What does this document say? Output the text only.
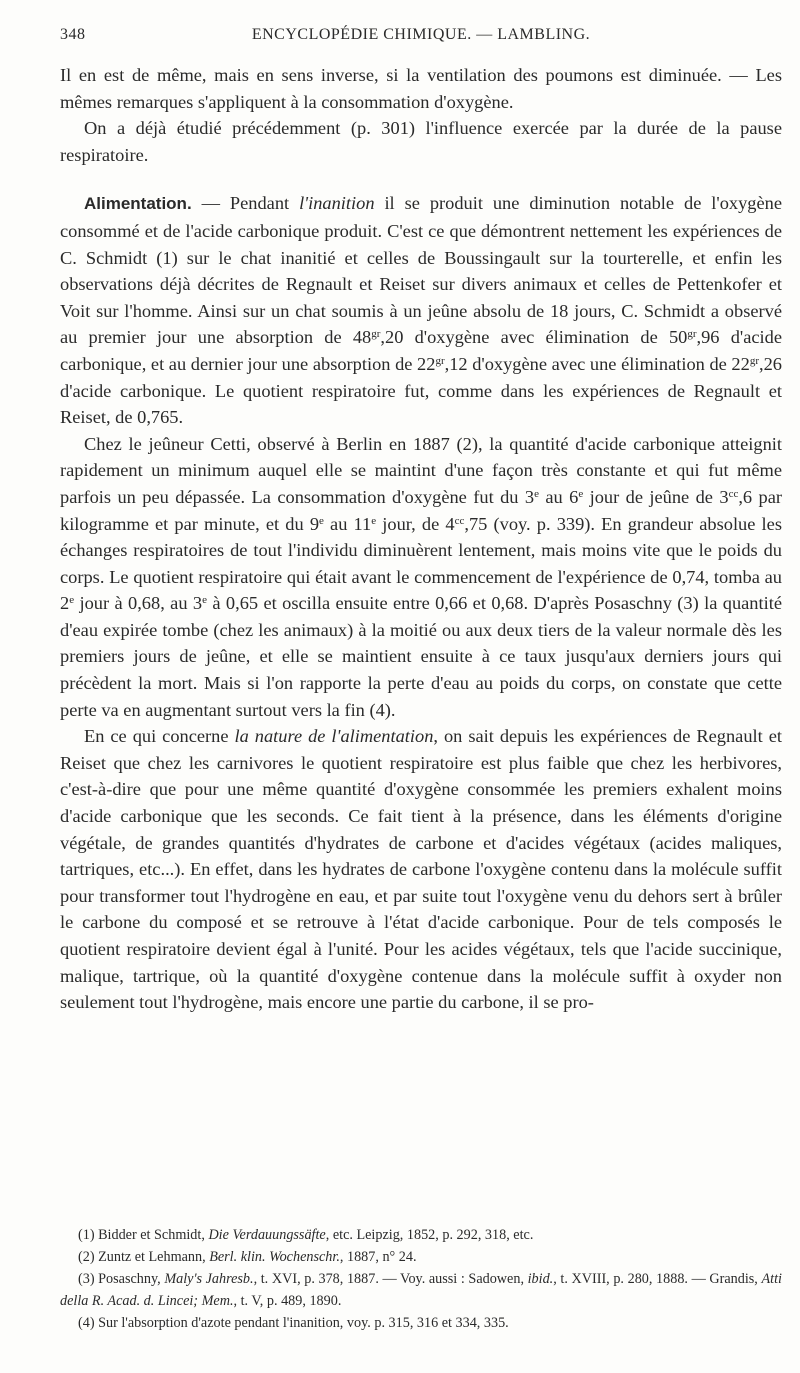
348	ENCYCLOPÉDIE CHIMIQUE. — LAMBLING.

Il en est de même, mais en sens inverse, si la ventilation des poumons est diminuée. — Les mêmes remarques s'appliquent à la consommation d'oxygène.

On a déjà étudié précédemment (p. 301) l'influence exercée par la durée de la pause respiratoire.

Alimentation. — Pendant l'inanition il se produit une diminution notable de l'oxygène consommé et de l'acide carbonique produit. C'est ce que démontrent nettement les expériences de C. Schmidt (1) sur le chat inanitié et celles de Boussingault sur la tourterelle, et enfin les observations déjà décrites de Regnault et Reiset sur divers animaux et celles de Pettenkofer et Voit sur l'homme. Ainsi sur un chat soumis à un jeûne absolu de 18 jours, C. Schmidt a observé au premier jour une absorption de $48^{gr},20$ d'oxygène avec élimination de $50^{gr},96$ d'acide carbonique, et au dernier jour une absorption de $22^{gr},12$ d'oxygène avec une élimination de $22^{gr},26$ d'acide carbonique. Le quotient respiratoire fut, comme dans les expériences de Regnault et Reiset, de 0,765.

Chez le jeûneur Cetti, observé à Berlin en 1887 (2), la quantité d'acide carbonique atteignit rapidement un minimum auquel elle se maintint d'une façon très constante et qui fut même parfois un peu dépassée. La consommation d'oxygène fut du 3e au 6e jour de jeûne de $3^{cc},6$ par kilogramme et par minute, et du 9e au 11e jour, de $4^{cc},75$ (voy. p. 339). En grandeur absolue les échanges respiratoires de tout l'individu diminuèrent lentement, mais moins vite que le poids du corps. Le quotient respiratoire qui était avant le commencement de l'expérience de 0,74, tomba au 2e jour à 0,68, au 3e à 0,65 et oscilla ensuite entre 0,66 et 0,68. D'après Posaschny (3) la quantité d'eau expirée tombe (chez les animaux) à la moitié ou aux deux tiers de la valeur normale dès les premiers jours de jeûne, et elle se maintient ensuite à ce taux jusqu'aux derniers jours qui précèdent la mort. Mais si l'on rapporte la perte d'eau au poids du corps, on constate que cette perte va en augmentant surtout vers la fin (4).

En ce qui concerne la nature de l'alimentation, on sait depuis les expériences de Regnault et Reiset que chez les carnivores le quotient respiratoire est plus faible que chez les herbivores, c'est-à-dire que pour une même quantité d'oxygène consommée les premiers exhalent moins d'acide carbonique que les seconds. Ce fait tient à la présence, dans les éléments d'origine végétale, de grandes quantités d'hydrates de carbone et d'acides végétaux (acides maliques, tartriques, etc...). En effet, dans les hydrates de carbone l'oxygène contenu dans la molécule suffit pour transformer tout l'hydrogène en eau, et par suite tout l'oxygène venu du dehors sert à brûler le carbone du composé et se retrouve à l'état d'acide carbonique. Pour de tels composés le quotient respiratoire devient égal à l'unité. Pour les acides végétaux, tels que l'acide succinique, malique, tartrique, où la quantité d'oxygène contenue dans la molécule suffit à oxyder non seulement tout l'hydrogène, mais encore une partie du carbone, il se pro-

(1) Bidder et Schmidt, Die Verdauungssäfte, etc. Leipzig, 1852, p. 292, 318, etc.

(2) Zuntz et Lehmann, Berl. klin. Wochenschr., 1887, n° 24.

(3) Posaschny, Maly's Jahresb., t. XVI, p. 378, 1887. — Voy. aussi : Sadowen, ibid., t. XVIII, p. 280, 1888. — Grandis, Atti della R. Acad. d. Lincei; Mem., t. V, p. 489, 1890.

(4) Sur l'absorption d'azote pendant l'inanition, voy. p. 315, 316 et 334, 335.
